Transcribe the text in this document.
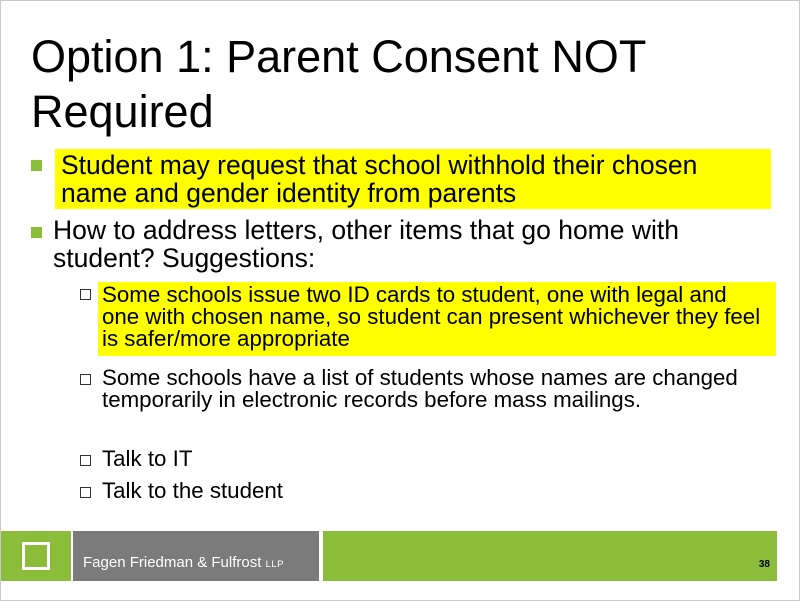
Option 1: Parent Consent NOT Required
Student may request that school withhold their chosen name and gender identity from parents
How to address letters, other items that go home with student? Suggestions:
Some schools issue two ID cards to student, one with legal and one with chosen name, so student can present whichever they feel is safer/more appropriate
Some schools have a list of students whose names are changed temporarily in electronic records before mass mailings.
Talk to IT
Talk to the student
Fagen Friedman & Fulfrost LLP	38
